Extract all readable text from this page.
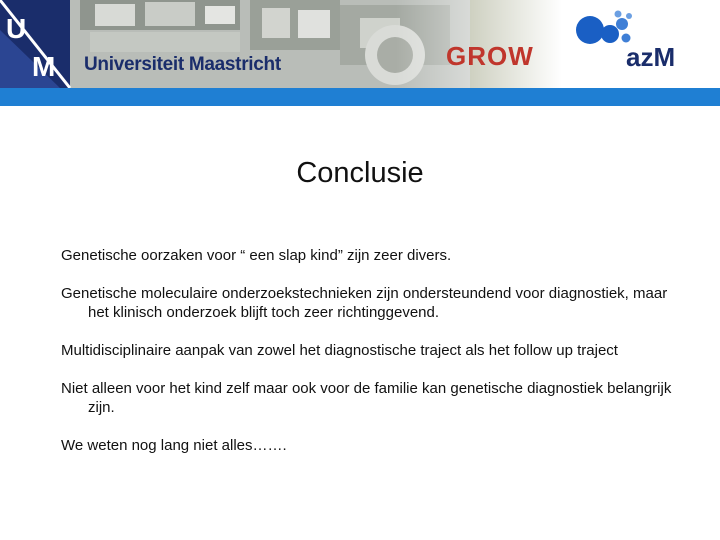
U
M Universiteit Maastricht	GROW	azM
Conclusie

Genetische oorzaken voor “ een slap kind” zijn zeer divers.

Genetische moleculaire onderzoekstechnieken zijn ondersteundend voor diagnostiek, maar het klinisch onderzoek blijft toch zeer richtinggevend.

Multidisciplinaire aanpak van zowel het diagnostische traject als het follow up traject

Niet alleen voor het kind zelf maar ook voor de familie kan genetische diagnostiek belangrijk zijn.

We weten nog lang niet alles…….
